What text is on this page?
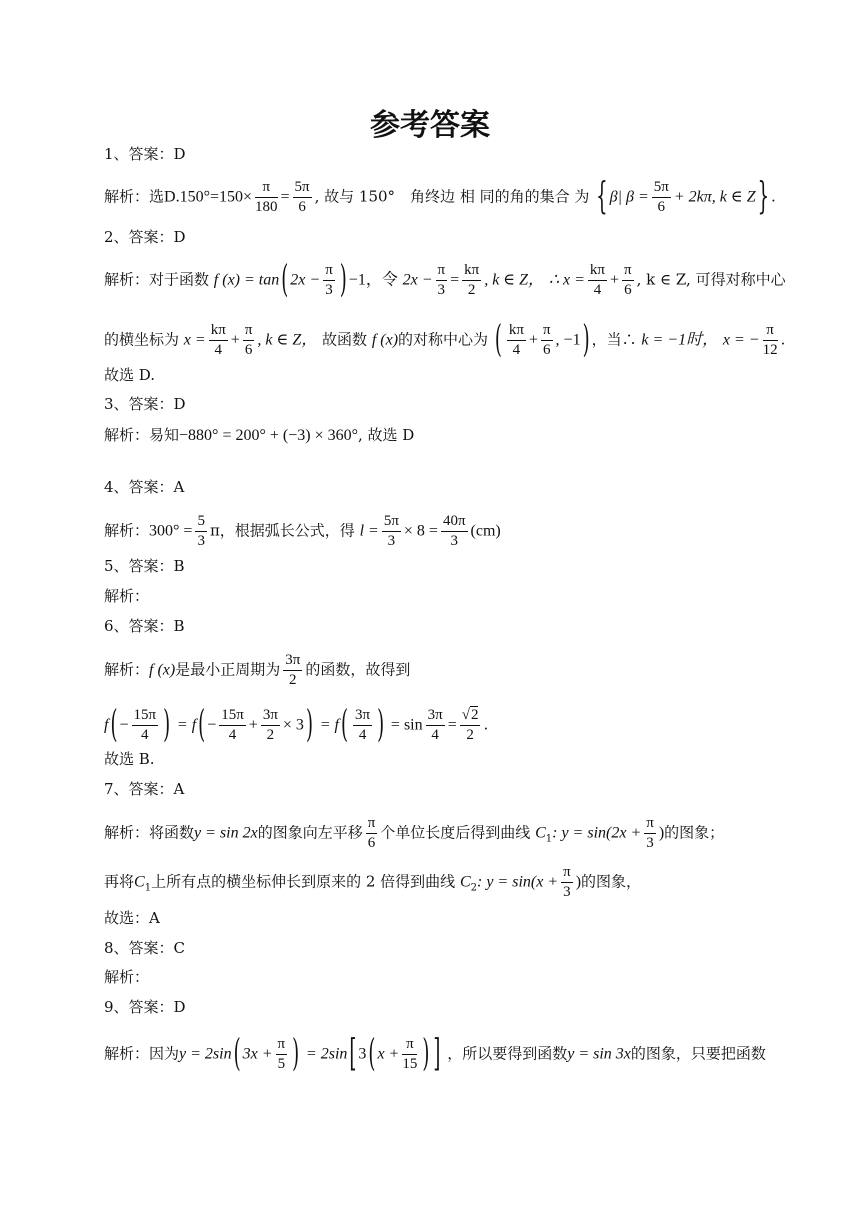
参考答案
1、答案：D
解析：选$D.150^\circ=150\times \frac{\pi}{180} = \frac{5\pi}{6}$ , 故与 150°　角终边 相 同的角的集合 为 { β| $\beta = \frac{5\pi}{6} + 2k\pi$, k ∈ Z } .
2、答案：D
解析：对于函数 f (x) = tan ( $2x - \frac{\pi}{3}$ ) −1，令 $2x - \frac{\pi}{3} = \frac{k\pi}{2}$ , k ∈ Z， ∴ $x = \frac{k\pi}{4} + \frac{\pi}{6}$ , k ∈ Z, 可得对称中心
的横坐标为 $x = \frac{k\pi}{4} + \frac{\pi}{6}$ , k ∈ Z， 故函数 f (x)的对称中心为 ( $\frac{k\pi}{4} + \frac{\pi}{6}$ , −1 ) ，当∴ k = −1时， x = − $\frac{\pi}{12}$ .
故选 D.
3、答案：D
解析：易知−880° = 200° + (−3) × 360°, 故选 D
4、答案：A
解析：$300^\circ = \frac{5}{3}$ π，根据弧长公式，得 $l = \frac{5\pi}{3} \times 8 = \frac{40\pi}{3} (cm)$
5、答案：B
解析：
6、答案：B
解析：f (x)是最小正周期为 $\frac{3\pi}{2}$ 的函数，故得到
f ( − $\frac{15\pi}{4}$ ) = f ( − $\frac{15\pi}{4} + \frac{3\pi}{2} \times 3$ ) = f ( $\frac{3\pi}{4}$ ) = $\sin \frac{3\pi}{4} = \frac{√2}{2}$ .
故选 B.
7、答案：A
解析：将函数y = sin 2x的图象向左平移 $\frac{\pi}{6}$ 个单位长度后得到曲线 $C_1$: $y = \sin(2x + \frac{\pi}{3}$ )的图象；
再将$C_1$上所有点的横坐标伸长到原来的 2 倍得到曲线 $C_2$: $y = \sin(x + \frac{\pi}{3}$ )的图象，
故选：A
8、答案：C
解析：
9、答案：D
解析：因为y = 2sin ( $3x + \frac{\pi}{5}$ ) = 2sin [ 3 ( $x + \frac{\pi}{15}$ ) ] ，所以要得到函数y = sin 3x的图象，只要把函数
